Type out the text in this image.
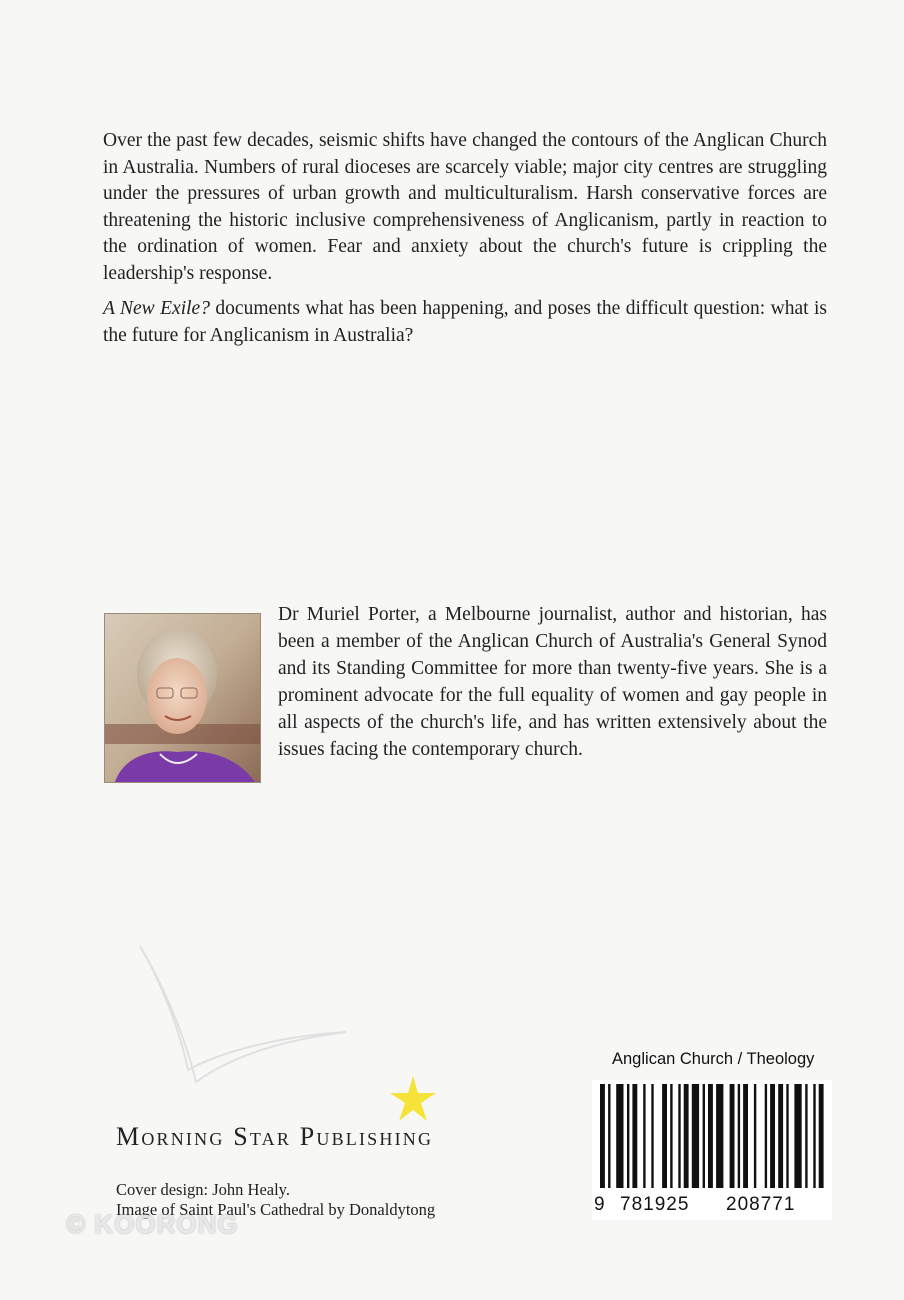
Over the past few decades, seismic shifts have changed the contours of the Anglican Church in Australia. Numbers of rural dioceses are scarcely viable; major city centres are struggling under the pressures of urban growth and multiculturalism. Harsh conservative forces are threatening the historic inclusive comprehensiveness of Anglicanism, partly in reaction to the ordination of women. Fear and anxiety about the church's future is crippling the leadership's response.

A New Exile? documents what has been happening, and poses the difficult question: what is the future for Anglicanism in Australia?

Dr Muriel Porter, a Melbourne journalist, author and historian, has been a member of the Anglican Church of Australia's General Synod and its Standing Committee for more than twenty-five years. She is a prominent advocate for the full equality of women and gay people in all aspects of the church's life, and has written extensively about the issues facing the contemporary church.

Morning Star Publishing
Cover design: John Healy.
Image of Saint Paul's Cathedral by Donaldytong
© KOORONG
Anglican Church / Theology
9 781925 208771
